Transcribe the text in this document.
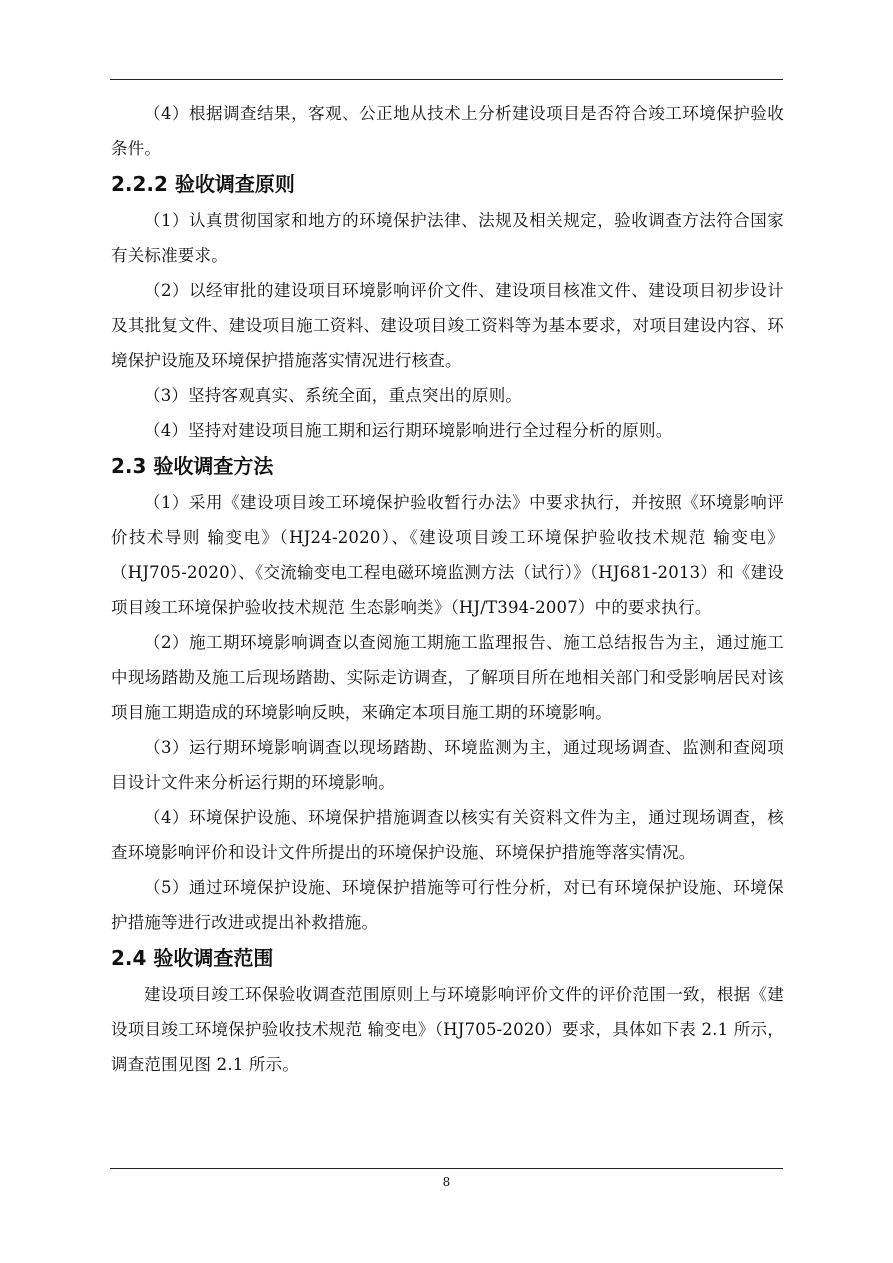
（4）根据调查结果，客观、公正地从技术上分析建设项目是否符合竣工环境保护验收条件。

2.2.2 验收调查原则

（1）认真贯彻国家和地方的环境保护法律、法规及相关规定，验收调查方法符合国家有关标准要求。

（2）以经审批的建设项目环境影响评价文件、建设项目核准文件、建设项目初步设计及其批复文件、建设项目施工资料、建设项目竣工资料等为基本要求，对项目建设内容、环境保护设施及环境保护措施落实情况进行核查。

（3）坚持客观真实、系统全面，重点突出的原则。

（4）坚持对建设项目施工期和运行期环境影响进行全过程分析的原则。

2.3 验收调查方法

（1）采用《建设项目竣工环境保护验收暂行办法》中要求执行，并按照《环境影响评价技术导则 输变电》（HJ24-2020）、《建设项目竣工环境保护验收技术规范 输变电》（HJ705-2020）、《交流输变电工程电磁环境监测方法（试行）》（HJ681-2013）和《建设项目竣工环境保护验收技术规范 生态影响类》（HJ/T394-2007）中的要求执行。

（2）施工期环境影响调查以查阅施工期施工监理报告、施工总结报告为主，通过施工中现场踏勘及施工后现场踏勘、实际走访调查，了解项目所在地相关部门和受影响居民对该项目施工期造成的环境影响反映，来确定本项目施工期的环境影响。

（3）运行期环境影响调查以现场踏勘、环境监测为主，通过现场调查、监测和查阅项目设计文件来分析运行期的环境影响。

（4）环境保护设施、环境保护措施调查以核实有关资料文件为主，通过现场调查，核查环境影响评价和设计文件所提出的环境保护设施、环境保护措施等落实情况。

（5）通过环境保护设施、环境保护措施等可行性分析，对已有环境保护设施、环境保护措施等进行改进或提出补救措施。

2.4 验收调查范围

建设项目竣工环保验收调查范围原则上与环境影响评价文件的评价范围一致，根据《建设项目竣工环境保护验收技术规范 输变电》（HJ705-2020）要求，具体如下表 2.1 所示，调查范围见图 2.1 所示。

8
